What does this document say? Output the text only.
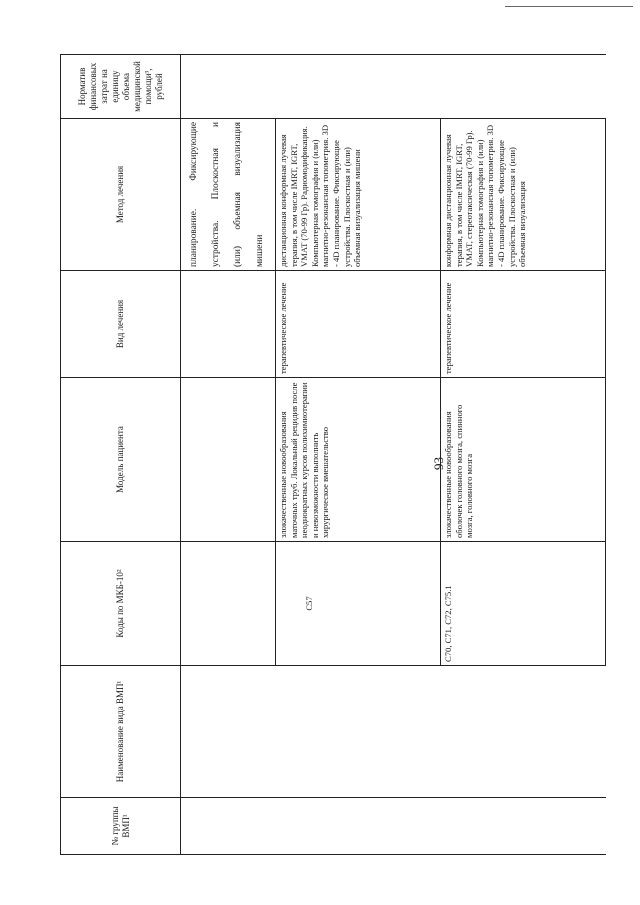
93
№ группы ВМП¹	Наименование вида ВМП¹	Коды по МКБ-10²	Модель пациента	Вид лечения	Метод лечения	Норматив финансовых затрат на единицу объема медицинской помощи³, рублей

					планирование. Фиксирующие устройства. Плоскостная и (или) объемная визуализация мишени	

		C57	злокачественные новообразования маточных труб. Локальный рецидив после неоднократных курсов полихимиотерапии и невозможности выполнить хирургическое вмешательство	терапевтическое лечение	дистанционная конформная лучевая терапия, в том числе IMRT, IGRT, VMAT (70-99 Гр). Радиомодификация. Компьютерная томография и (или) магнитно-резонансная топометрия. 3D - 4D планирование. Фиксирующие устройства. Плоскостная и (или) объемная визуализация мишени	
		C70, C71, C72, C75.1	злокачественные новообразования оболочек головного мозга, спинного мозга, головного мозга	терапевтическое лечение	конформная дистанционная лучевая терапия, в том числе IMRT, IGRT, VMAT, стереотаксическая (70-99 Гр). Компьютерная томография и (или) магнитно-резонансная топометрия. 3D - 4D планирование. Фиксирующие устройства. Плоскостная и (или) объемная визуализация	
